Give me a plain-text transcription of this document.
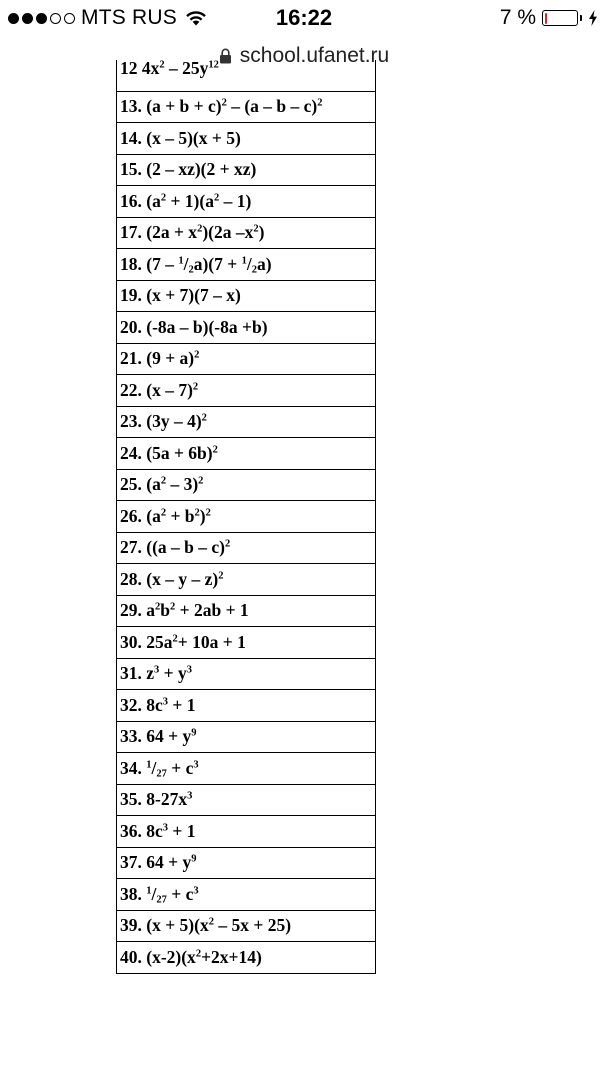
MTS RUS	16:22	7 %
school.ufanet.ru
12 $4x^2 - 25y^{12}$
13. $(a + b + c)^2 - (a - b - c)^2$
14. (x – 5)(x + 5)
15. (2 – xz)(2 + xz)
16. $(a^2 + 1)(a^2 - 1)$
17. $(2a + x^2)(2a$ $-x^2$)
18. $(7 - ^1/_2a)(7 + ^1/_2a)$
19. (x + 7)(7 – x)
20. (-8a – b)(-8a +b)
21. $(9 + a)^2$
22. (x – 7)$^2$
23. (3y – 4)$^2$
24. $(5a + 6b)^2$
25. $(a^2 - 3)^2$
26. $(a^2 + b^2)^2$
27. ((a – b – c)$^2$
28. (x – y – z)$^2$
29. $a^2b^2 + 2ab + 1$
30. $25a^2+ 10a + 1$
31. $z^3 + y^3$
32. $8c^3 + 1$
33. $64 + y^9$
34. $^1/_{27} + c^3$
35. $8-27x^3$
36. $8c^3 + 1$
37. $64 + y^9$
38. $^1/_{27} + c^3$
39. $(x + 5)(x^2 - 5x + 25)$
40. $(x-2)(x^2+2x+14)$
